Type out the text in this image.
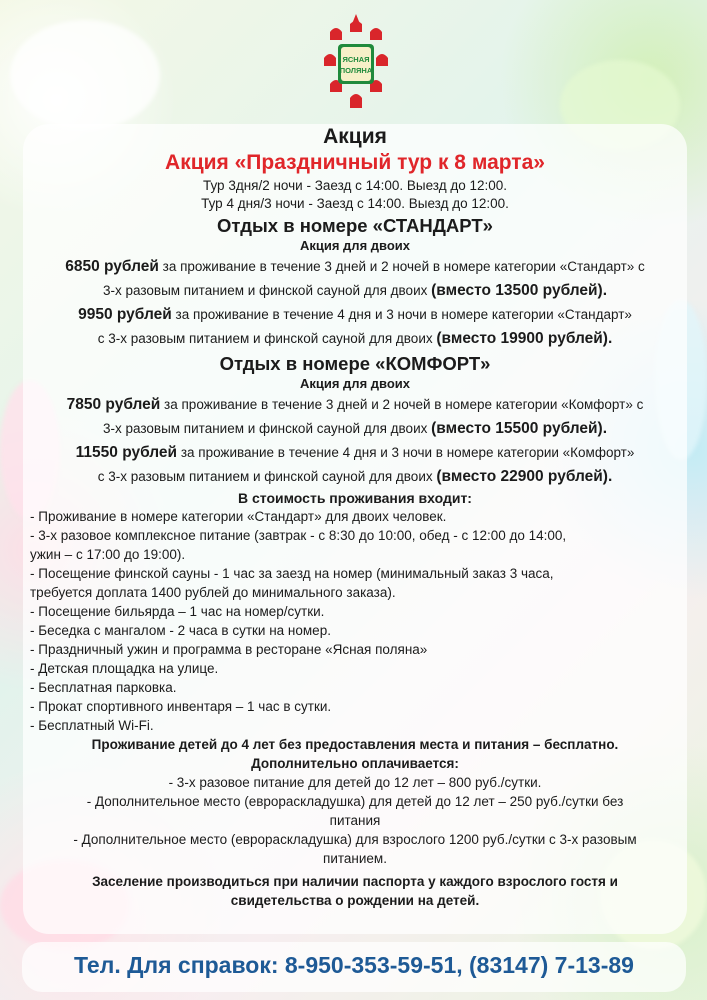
ЯСНАЯ
ПОЛЯНА
Акция
Акция «Праздничный тур к 8 марта»
Тур 3дня/2 ночи - Заезд с 14:00. Выезд до 12:00.
Тур 4 дня/3 ночи - Заезд с 14:00. Выезд до 12:00.
Отдых в номере «СТАНДАРТ»
Акция для двоих
6850 рублей за проживание в течение 3 дней и 2 ночей в номере категории «Стандарт» с
3-х разовым питанием и финской сауной для двоих (вместо 13500 рублей).
9950 рублей за проживание в течение 4 дня и 3 ночи в номере категории «Стандарт»
с 3-х разовым питанием и финской сауной для двоих (вместо 19900 рублей).
Отдых в номере «КОМФОРТ»
Акция для двоих
7850 рублей за проживание в течение 3 дней и 2 ночей в номере категории «Комфорт» с
3-х разовым питанием и финской сауной для двоих (вместо 15500 рублей).
11550 рублей за проживание в течение 4 дня и 3 ночи в номере категории «Комфорт»
с 3-х разовым питанием и финской сауной для двоих (вместо 22900 рублей).
В стоимость проживания входит:
- Проживание в номере категории «Стандарт» для двоих человек.
- 3-х разовое комплексное питание (завтрак - с 8:30 до 10:00, обед - с 12:00 до 14:00,
ужин – с 17:00 до 19:00).
- Посещение финской сауны - 1 час за заезд на номер (минимальный заказ 3 часа,
требуется доплата 1400 рублей до минимального заказа).
- Посещение бильярда – 1 час на номер/сутки.
- Беседка с мангалом - 2 часа в сутки на номер.
- Праздничный ужин и программа в ресторане «Ясная поляна»
- Детская площадка на улице.
- Бесплатная парковка.
- Прокат спортивного инвентаря – 1 час в сутки.
- Бесплатный Wi-Fi.
Проживание детей до 4 лет без предоставления места и питания – бесплатно.
Дополнительно оплачивается:
- 3-х разовое питание для детей до 12 лет – 800 руб./сутки.
- Дополнительное место (еврораскладушка) для детей до 12 лет – 250 руб./сутки без
питания
- Дополнительное место (еврораскладушка) для взрослого 1200 руб./сутки с 3-х разовым
питанием.
Заселение производиться при наличии паспорта у каждого взрослого гостя и
свидетельства о рождении на детей.
Тел. Для справок: 8-950-353-59-51, (83147) 7-13-89
